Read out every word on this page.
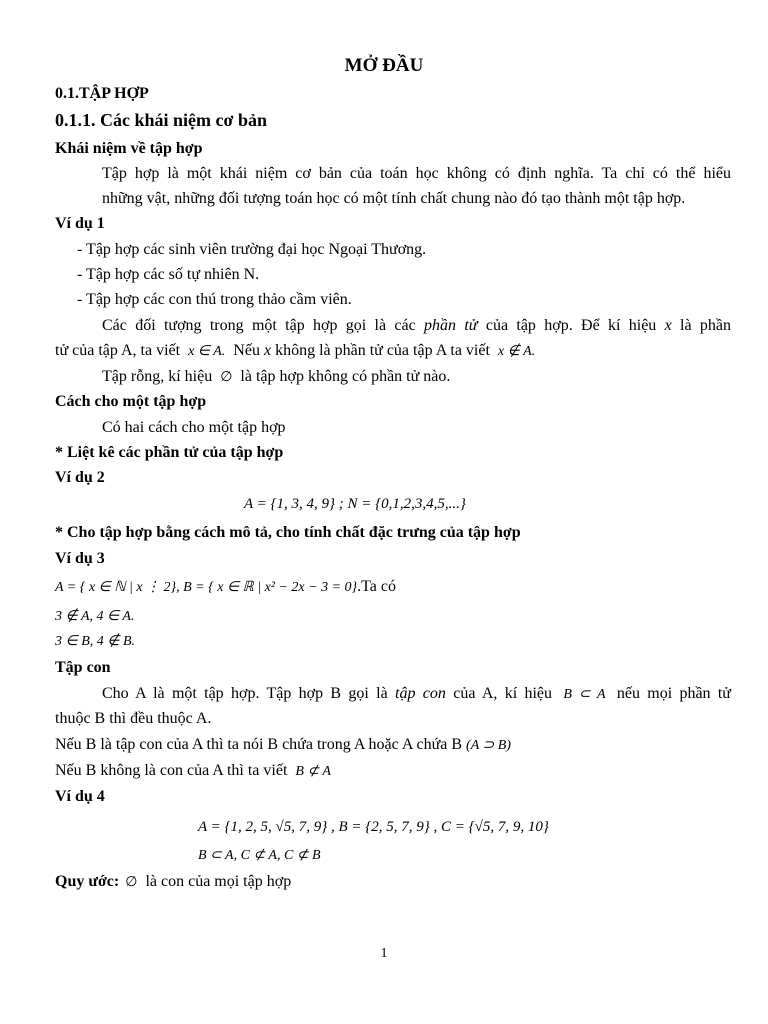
MỞ ĐẦU
0.1.TẬP HỢP
0.1.1. Các khái niệm cơ bản
Khái niệm về tập hợp
Tập hợp là một khái niệm cơ bản của toán học không có định nghĩa. Ta chỉ có thể hiểu
những vật, những đối tượng toán học có một tính chất chung nào đó tạo thành một tập hợp.
Ví dụ 1
- Tập hợp các sinh viên trường đại học Ngoại Thương.
- Tập hợp các số tự nhiên N.
- Tập hợp các con thú trong thảo cầm viên.
Các đối tượng trong một tập hợp gọi là các phần tử của tập hợp. Để kí hiệu x là phần
tử của tập A, ta viết x ∈ A. Nếu x không là phần tử của tập A ta viết x ∉ A.
Tập rỗng, kí hiệu ∅ là tập hợp không có phần tử nào.
Cách cho một tập hợp
Có hai cách cho một tập hợp
* Liệt kê các phần tử của tập hợp
Ví dụ 2
A = {1, 3, 4, 9} ; N = {0,1,2,3,4,5,...}
* Cho tập hợp bằng cách mô tả, cho tính chất đặc trưng của tập hợp
Ví dụ 3
A = { x ∈ ℕ | x ⋮ 2}, B = { x ∈ ℝ | x² − 2x − 3 = 0}.Ta có
3 ∉ A, 4 ∈ A.
3 ∈ B, 4 ∉ B.
Tập con
Cho A là một tập hợp. Tập hợp B gọi là tập con của A, kí hiệu B ⊂ A nếu mọi phần tử
thuộc B thì đều thuộc A.
Nếu B là tập con của A thì ta nói B chứa trong A hoặc A chứa B (A ⊃ B)
Nếu B không là con của A thì ta viết B ⊄ A
Ví dụ 4
A = {1, 2, 5, √5, 7, 9} , B = {2, 5, 7, 9} , C = {√5, 7, 9, 10}
B ⊂ A, C ⊄ A, C ⊄ B
Quy ước: ∅ là con của mọi tập hợp
1
